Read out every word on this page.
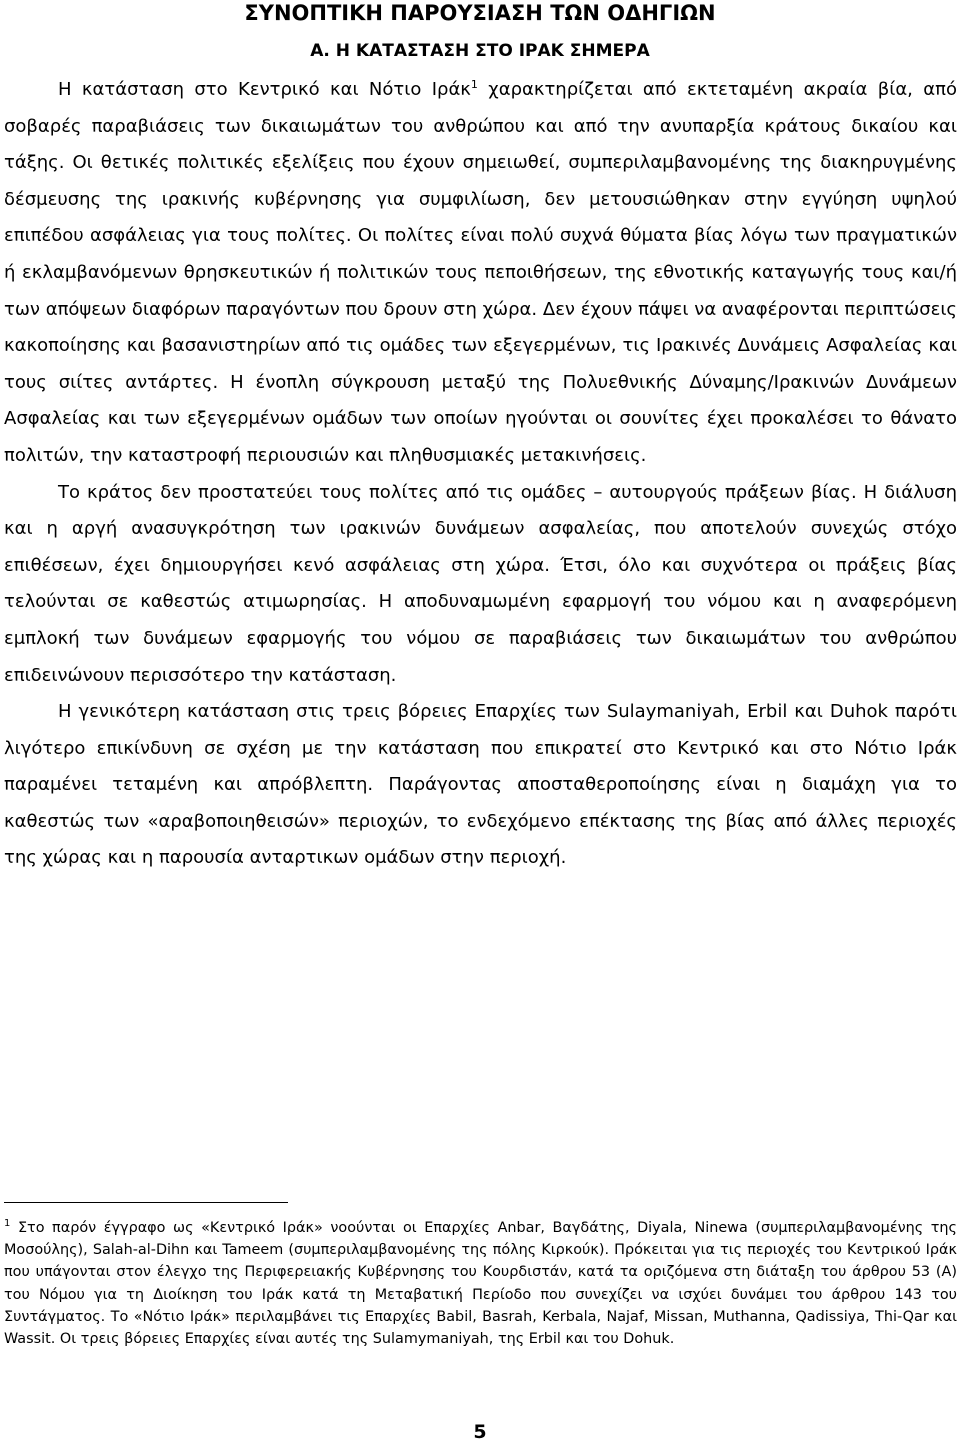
ΣΥΝΟΠΤΙΚΗ ΠΑΡΟΥΣΙΑΣΗ ΤΩΝ ΟΔΗΓΙΩΝ
Α. Η ΚΑΤΑΣΤΑΣΗ ΣΤΟ ΙΡΑΚ ΣΗΜΕΡΑ

Η κατάσταση στο Κεντρικό και Νότιο Ιράκ$^1$ χαρακτηρίζεται από εκτεταμένη ακραία βία, από σοβαρές παραβιάσεις των δικαιωμάτων του ανθρώπου και από την ανυπαρξία κράτους δικαίου και τάξης. Οι θετικές πολιτικές εξελίξεις που έχουν σημειωθεί, συμπεριλαμβανομένης της διακηρυγμένης δέσμευσης της ιρακινής κυβέρνησης για συμφιλίωση, δεν μετουσιώθηκαν στην εγγύηση υψηλού επιπέδου ασφάλειας για τους πολίτες. Οι πολίτες είναι πολύ συχνά θύματα βίας λόγω των πραγματικών ή εκλαμβανόμενων θρησκευτικών ή πολιτικών τους πεποιθήσεων, της εθνοτικής καταγωγής τους και/ή των απόψεων διαφόρων παραγόντων που δρουν στη χώρα. Δεν έχουν πάψει να αναφέρονται περιπτώσεις κακοποίησης και βασανιστηρίων από τις ομάδες των εξεγερμένων, τις Ιρακινές Δυνάμεις Ασφαλείας και τους σιίτες αντάρτες. Η ένοπλη σύγκρουση μεταξύ της Πολυεθνικής Δύναμης/Ιρακινών Δυνάμεων Ασφαλείας και των εξεγερμένων ομάδων των οποίων ηγούνται οι σουνίτες έχει προκαλέσει το θάνατο πολιτών, την καταστροφή περιουσιών και πληθυσμιακές μετακινήσεις.

Το κράτος δεν προστατεύει τους πολίτες από τις ομάδες – αυτουργούς πράξεων βίας. Η διάλυση και η αργή ανασυγκρότηση των ιρακινών δυνάμεων ασφαλείας, που αποτελούν συνεχώς στόχο επιθέσεων, έχει δημιουργήσει κενό ασφάλειας στη χώρα. Έτσι, όλο και συχνότερα οι πράξεις βίας τελούνται σε καθεστώς ατιμωρησίας. Η αποδυναμωμένη εφαρμογή του νόμου και η αναφερόμενη εμπλοκή των δυνάμεων εφαρμογής του νόμου σε παραβιάσεις των δικαιωμάτων του ανθρώπου επιδεινώνουν περισσότερο την κατάσταση.

Η γενικότερη κατάσταση στις τρεις βόρειες Επαρχίες των Sulaymaniyah, Erbil και Duhok παρότι λιγότερο επικίνδυνη σε σχέση με την κατάσταση που επικρατεί στο Κεντρικό και στο Νότιο Ιράκ παραμένει τεταμένη και απρόβλεπτη. Παράγοντας αποσταθεροποίησης είναι η διαμάχη για το καθεστώς των «αραβοποιηθεισών» περιοχών, το ενδεχόμενο επέκτασης της βίας από άλλες περιοχές της χώρας και η παρουσία ανταρτικων ομάδων στην περιοχή.

$^1$ Στο παρόν έγγραφο ως «Κεντρικό Ιράκ» νοούνται οι Επαρχίες Anbar, Βαγδάτης, Diyala, Ninewa (συμπεριλαμβανομένης της Μοσούλης), Salah-al-Dihn και Tameem (συμπεριλαμβανομένης της πόλης Κιρκούκ). Πρόκειται για τις περιοχές του Κεντρικού Ιράκ που υπάγονται στον έλεγχο της Περιφερειακής Κυβέρνησης του Κουρδιστάν, κατά τα οριζόμενα στη διάταξη του άρθρου 53 (Α) του Νόμου για τη Διοίκηση του Ιράκ κατά τη Μεταβατική Περίοδο που συνεχίζει να ισχύει δυνάμει του άρθρου 143 του Συντάγματος. Το «Νότιο Ιράκ» περιλαμβάνει τις Επαρχίες Babil, Basrah, Kerbala, Najaf, Missan, Muthanna, Qadissiya, Thi-Qar και Wassit. Οι τρεις βόρειες Επαρχίες είναι αυτές της Sulamymaniyah, της Erbil και του Dohuk.
5
